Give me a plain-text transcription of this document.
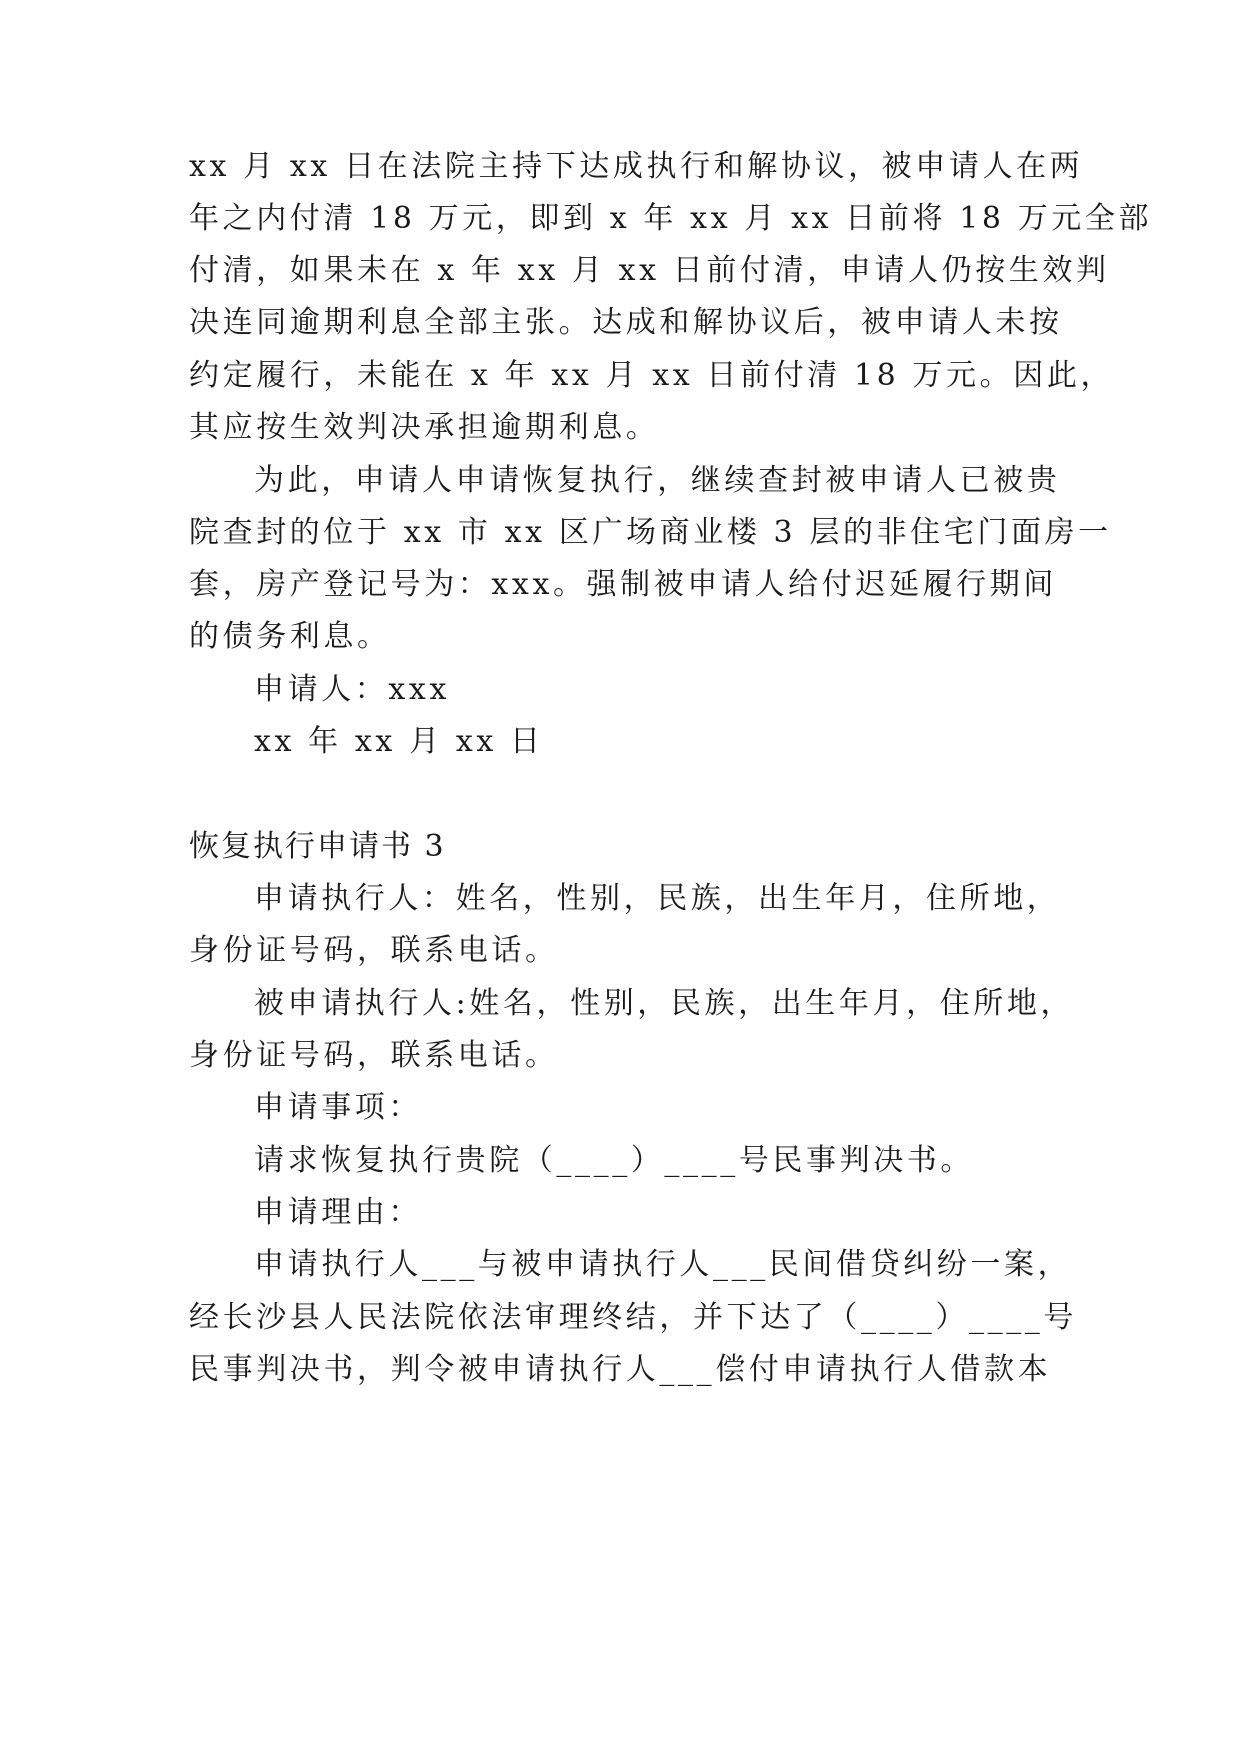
xx 月 xx 日在法院主持下达成执行和解协议，被申请人在两
年之内付清 18 万元，即到 x 年 xx 月 xx 日前将 18 万元全部
付清，如果未在 x 年 xx 月 xx 日前付清，申请人仍按生效判
决连同逾期利息全部主张。达成和解协议后，被申请人未按
约定履行，未能在 x 年 xx 月 xx 日前付清 18 万元。因此，
其应按生效判决承担逾期利息。
为此，申请人申请恢复执行，继续查封被申请人已被贵
院查封的位于 xx 市 xx 区广场商业楼 3 层的非住宅门面房一
套，房产登记号为：xxx。强制被申请人给付迟延履行期间
的债务利息。
申请人：xxx
xx 年 xx 月 xx 日
恢复执行申请书 3
申请执行人：姓名，性别，民族，出生年月，住所地，
身份证号码，联系电话。
被申请执行人:姓名，性别，民族，出生年月，住所地，
身份证号码，联系电话。
申请事项：
请求恢复执行贵院（____）____号民事判决书。
申请理由：
申请执行人___与被申请执行人___民间借贷纠纷一案，
经长沙县人民法院依法审理终结，并下达了（____）____号
民事判决书，判令被申请执行人___偿付申请执行人借款本
